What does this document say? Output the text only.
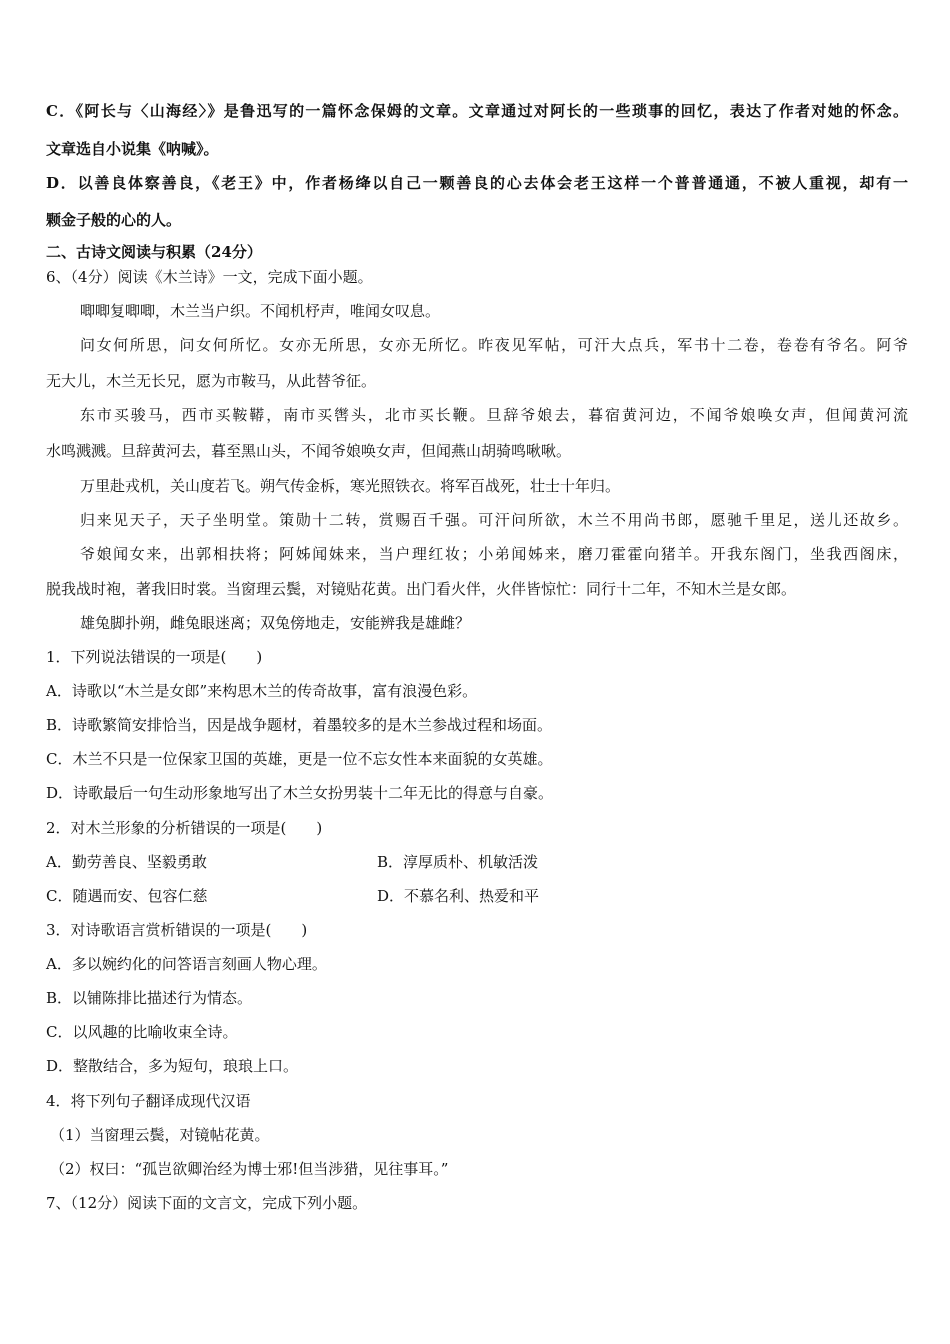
C．《阿长与〈山海经〉》是鲁迅写的一篇怀念保姆的文章。文章通过对阿长的一些琐事的回忆，表达了作者对她的怀念。
文章选自小说集《呐喊》。
D．以善良体察善良，《老王》中，作者杨绛以自己一颗善良的心去体会老王这样一个普普通通，不被人重视，却有一
颗金子般的心的人。
二、古诗文阅读与积累（24分）
6、（4分）阅读《木兰诗》一文，完成下面小题。
唧唧复唧唧，木兰当户织。不闻机杼声，唯闻女叹息。
问女何所思，问女何所忆。女亦无所思，女亦无所忆。昨夜见军帖，可汗大点兵，军书十二卷，卷卷有爷名。阿爷
无大儿，木兰无长兄，愿为市鞍马，从此替爷征。
东市买骏马，西市买鞍鞯，南市买辔头，北市买长鞭。旦辞爷娘去，暮宿黄河边，不闻爷娘唤女声，但闻黄河流
水鸣溅溅。旦辞黄河去，暮至黑山头，不闻爷娘唤女声，但闻燕山胡骑鸣啾啾。
万里赴戎机，关山度若飞。朔气传金柝，寒光照铁衣。将军百战死，壮士十年归。
归来见天子，天子坐明堂。策勋十二转，赏赐百千强。可汗问所欲，木兰不用尚书郎，愿驰千里足，送儿还故乡。
爷娘闻女来，出郭相扶将；阿姊闻妹来，当户理红妆；小弟闻姊来，磨刀霍霍向猪羊。开我东阁门，坐我西阁床，
脱我战时袍，著我旧时裳。当窗理云鬓，对镜贴花黄。出门看火伴，火伴皆惊忙：同行十二年，不知木兰是女郎。
雄兔脚扑朔，雌兔眼迷离；双兔傍地走，安能辨我是雄雌？
1．下列说法错误的一项是(　　)
A．诗歌以“木兰是女郎”来构思木兰的传奇故事，富有浪漫色彩。
B．诗歌繁简安排恰当，因是战争题材，着墨较多的是木兰参战过程和场面。
C．木兰不只是一位保家卫国的英雄，更是一位不忘女性本来面貌的女英雄。
D．诗歌最后一句生动形象地写出了木兰女扮男装十二年无比的得意与自豪。
2．对木兰形象的分析错误的一项是(　　)
A．勤劳善良、坚毅勇敢	B．淳厚质朴、机敏活泼
C．随遇而安、包容仁慈	D．不慕名利、热爱和平
3．对诗歌语言赏析错误的一项是(　　)
A．多以婉约化的问答语言刻画人物心理。
B．以铺陈排比描述行为情态。
C．以风趣的比喻收束全诗。
D．整散结合，多为短句，琅琅上口。
4．将下列句子翻译成现代汉语
（1）当窗理云鬓，对镜帖花黄。
（2）权曰：“孤岂欲卿治经为博士邪!但当涉猎，见往事耳。”
7、（12分）阅读下面的文言文，完成下列小题。
